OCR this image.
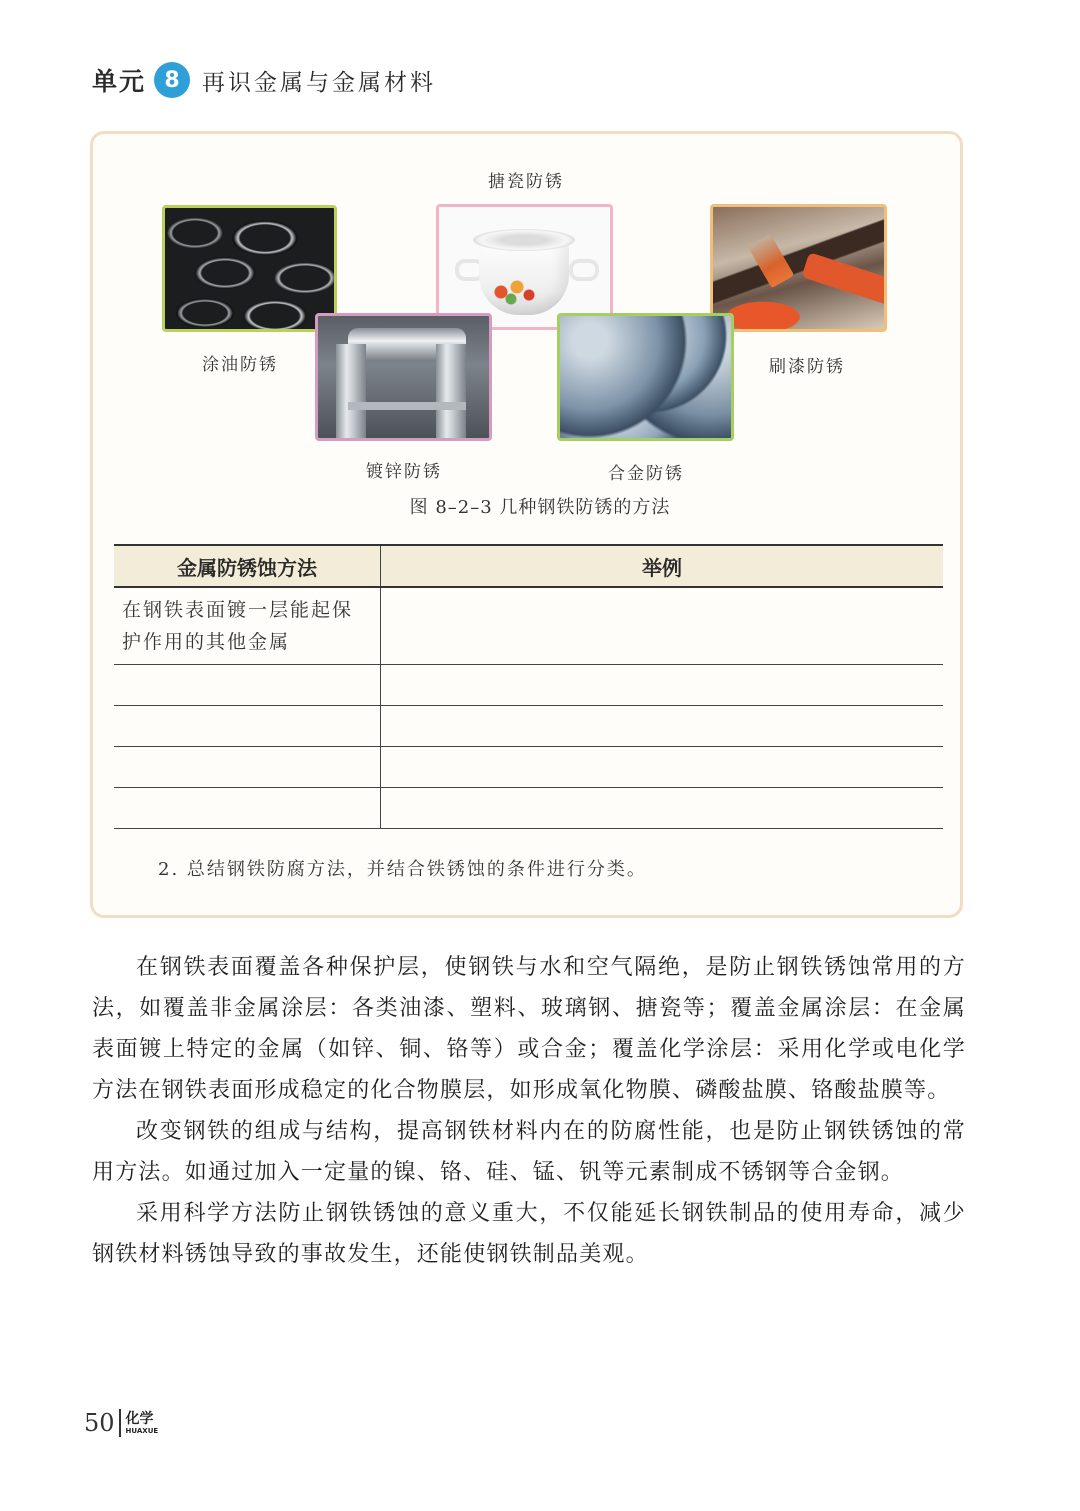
单元 8 再识金属与金属材料
搪瓷防锈
涂油防锈	刷漆防锈
镀锌防锈	合金防锈
图 8–2–3 几种钢铁防锈的方法
金属防锈蚀方法	举例
在钢铁表面镀一层能起保护作用的其他金属	

2. 总结钢铁防腐方法，并结合铁锈蚀的条件进行分类。

在钢铁表面覆盖各种保护层，使钢铁与水和空气隔绝，是防止钢铁锈蚀常用的方法，如覆盖非金属涂层：各类油漆、塑料、玻璃钢、搪瓷等；覆盖金属涂层：在金属表面镀上特定的金属（如锌、铜、铬等）或合金；覆盖化学涂层：采用化学或电化学方法在钢铁表面形成稳定的化合物膜层，如形成氧化物膜、磷酸盐膜、铬酸盐膜等。

改变钢铁的组成与结构，提高钢铁材料内在的防腐性能，也是防止钢铁锈蚀的常用方法。如通过加入一定量的镍、铬、硅、锰、钒等元素制成不锈钢等合金钢。

采用科学方法防止钢铁锈蚀的意义重大，不仅能延长钢铁制品的使用寿命，减少钢铁材料锈蚀导致的事故发生，还能使钢铁制品美观。

50 化学
HUAXUE
